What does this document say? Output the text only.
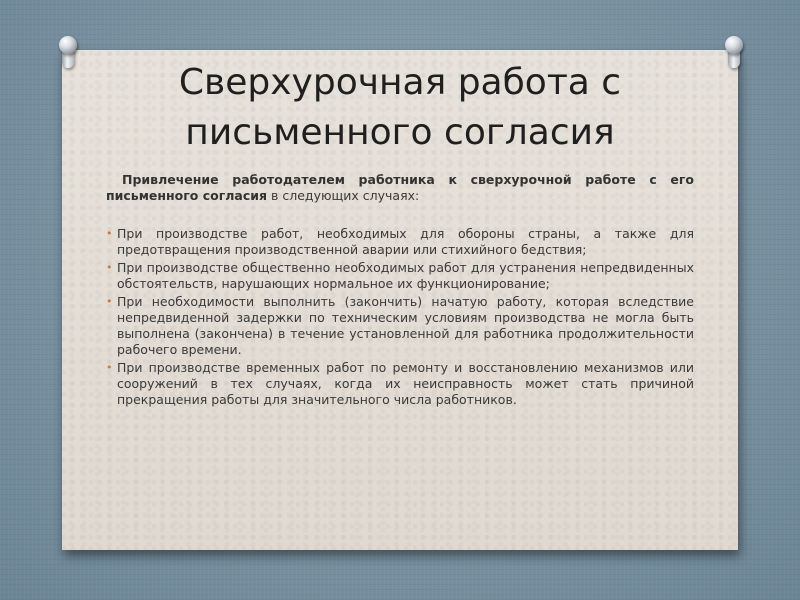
Сверхурочная работа с
письменного согласия

Привлечение работодателем работника к сверхурочной работе с его письменного согласия в следующих случаях:

• При производстве работ, необходимых для обороны страны, а также для предотвращения производственной аварии или стихийного бедствия;
• При производстве общественно необходимых работ для устранения непредвиденных обстоятельств, нарушающих нормальное их функционирование;
• При необходимости выполнить (закончить) начатую работу, которая вследствие непредвиденной задержки по техническим условиям производства не могла быть выполнена (закончена) в течение установленной для работника продолжительности рабочего времени.
• При производстве временных работ по ремонту и восстановлению механизмов или сооружений в тех случаях, когда их неисправность может стать причиной прекращения работы для значительного числа работников.
